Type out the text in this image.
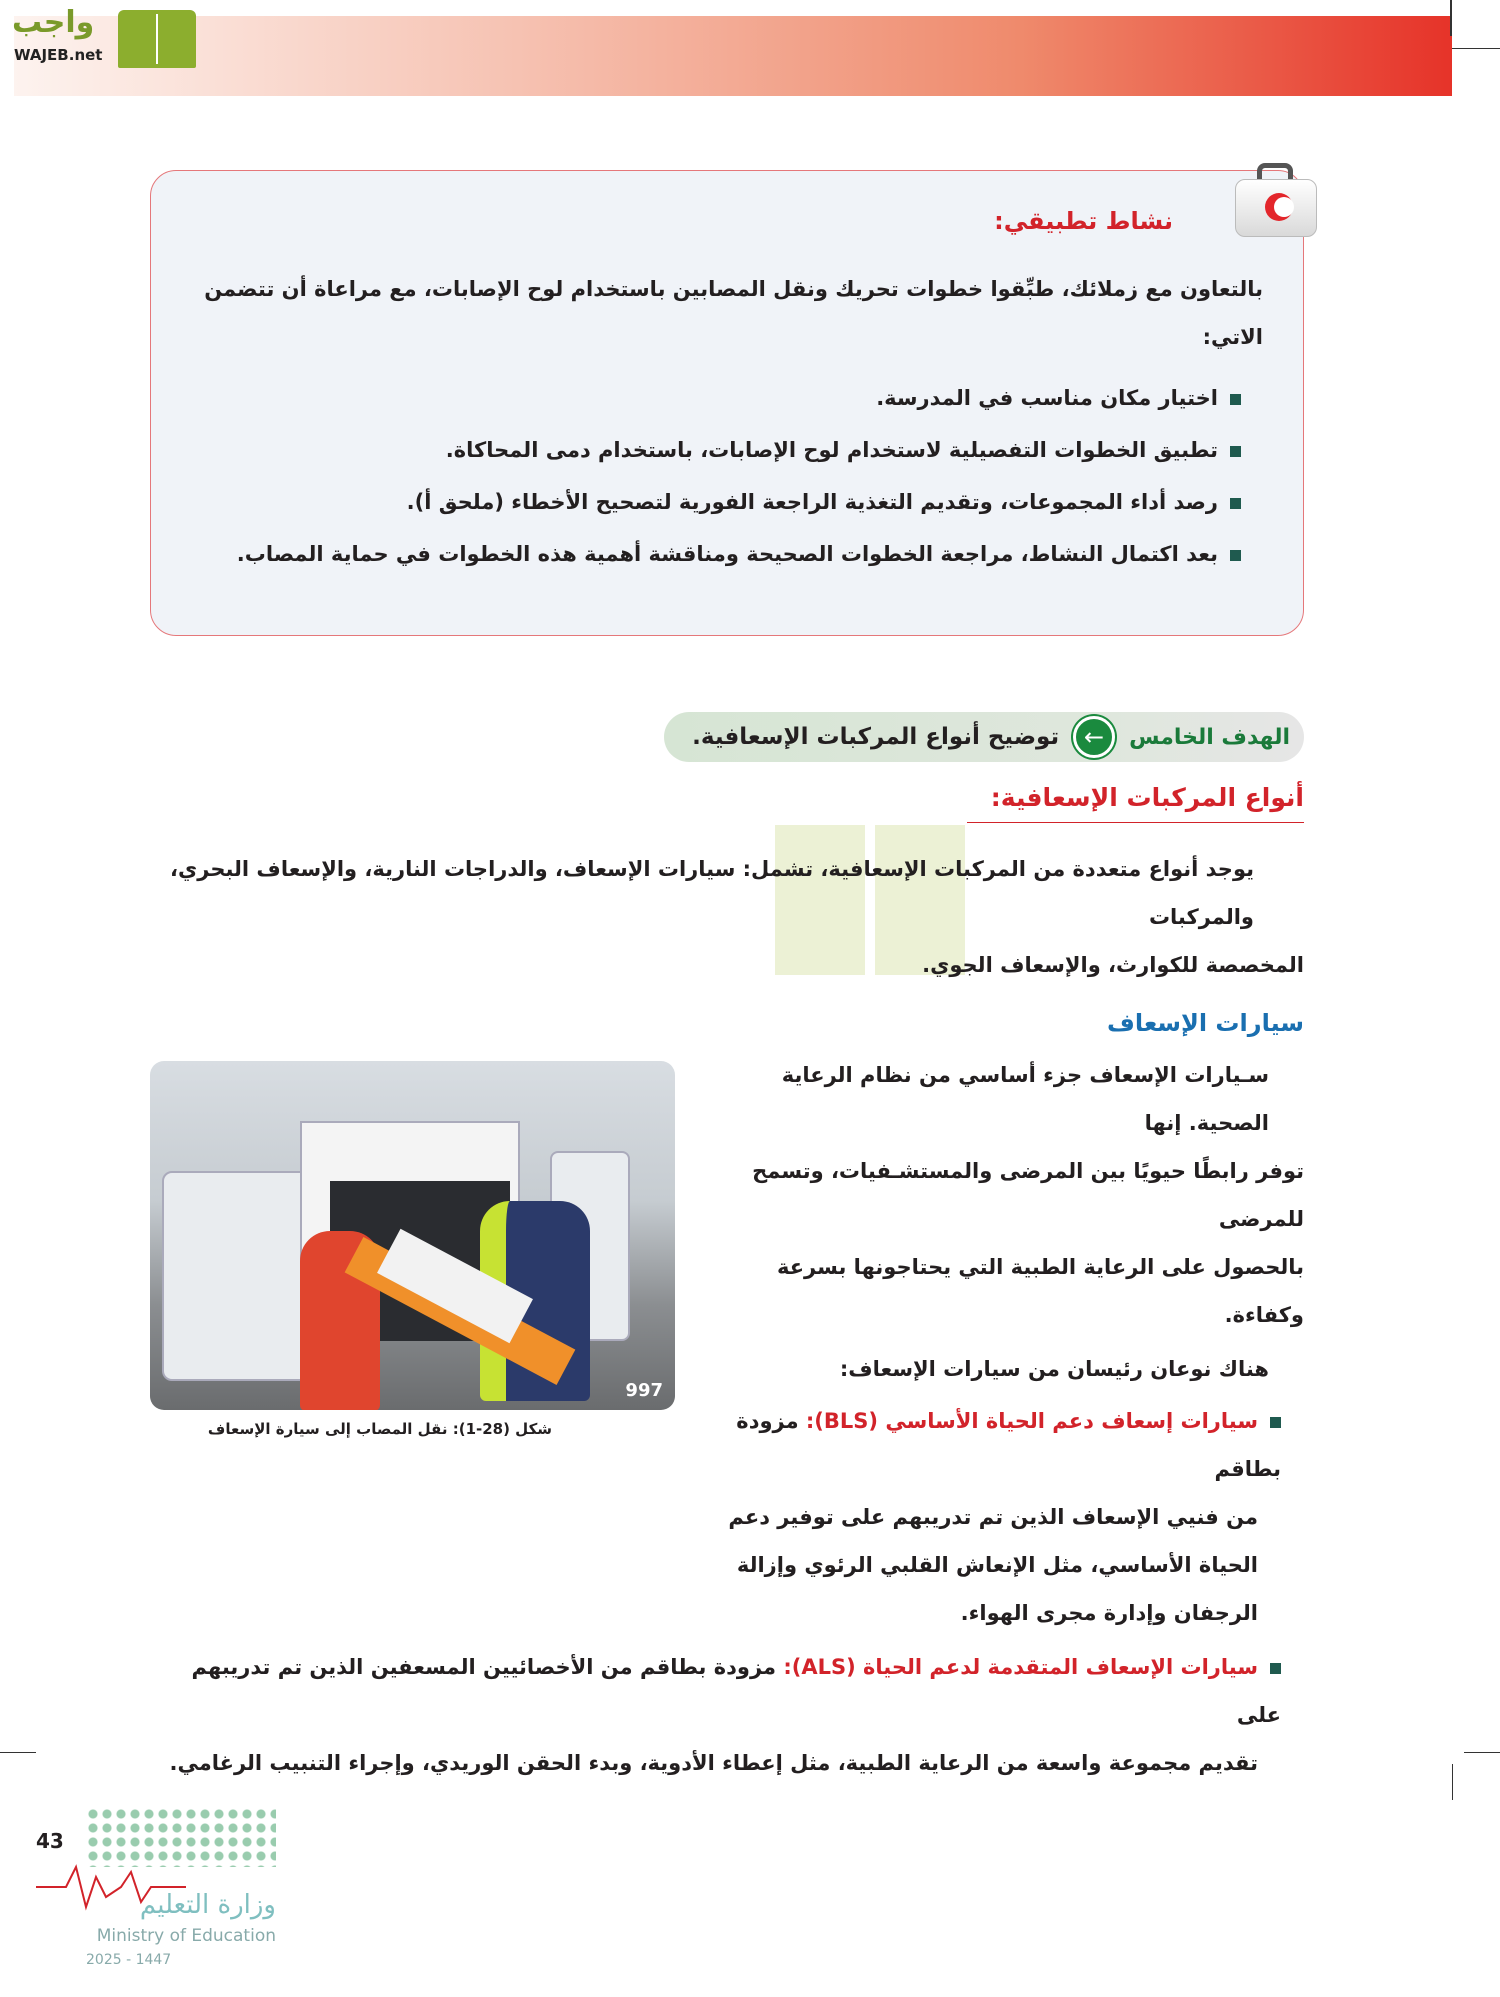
واجب
WAJEB.net
نشاط تطبيقي:
بالتعاون مع زملائك، طبِّقوا خطوات تحريك ونقل المصابين باستخدام لوح الإصابات، مع مراعاة أن تتضمن
الاتي:
اختيار مكان مناسب في المدرسة.
تطبيق الخطوات التفصيلية لاستخدام لوح الإصابات، باستخدام دمى المحاكاة.
رصد أداء المجموعات، وتقديم التغذية الراجعة الفورية لتصحيح الأخطاء (ملحق أ).
بعد اكتمال النشاط، مراجعة الخطوات الصحيحة ومناقشة أهمية هذه الخطوات في حماية المصاب.
الهدف الخامس
←
توضيح أنواع المركبات الإسعافية.
أنواع المركبات الإسعافية:
يوجد أنواع متعددة من المركبات الإسعافية، تشمل: سيارات الإسعاف، والدراجات النارية، والإسعاف البحري، والمركبات
المخصصة للكوارث، والإسعاف الجوي.
سيارات الإسعاف
سـيارات الإسعاف جزء أساسي من نظام الرعاية الصحية. إنها
توفر رابطًا حيويًا بين المرضى والمستشـفيات، وتسمح للمرضى
بالحصول على الرعاية الطبية التي يحتاجونها بسرعة وكفاءة.
هناك نوعان رئيسان من سيارات الإسعاف:
سيارات إسعاف دعم الحياة الأساسي (BLS): مزودة بطاقم
من فنيي الإسعاف الذين تم تدريبهم على توفير دعم
الحياة الأساسي، مثل الإنعاش القلبي الرئوي وإزالة
الرجفان وإدارة مجرى الهواء.
997
شكل (28-1): نقل المصاب إلى سيارة الإسعاف
سيارات الإسعاف المتقدمة لدعم الحياة (ALS): مزودة بطاقم من الأخصائيين المسعفين الذين تم تدريبهم على
تقديم مجموعة واسعة من الرعاية الطبية، مثل إعطاء الأدوية، وبدء الحقن الوريدي، وإجراء التنبيب الرغامي.
43
وزارة التعليم
Ministry of Education
2025 - 1447
